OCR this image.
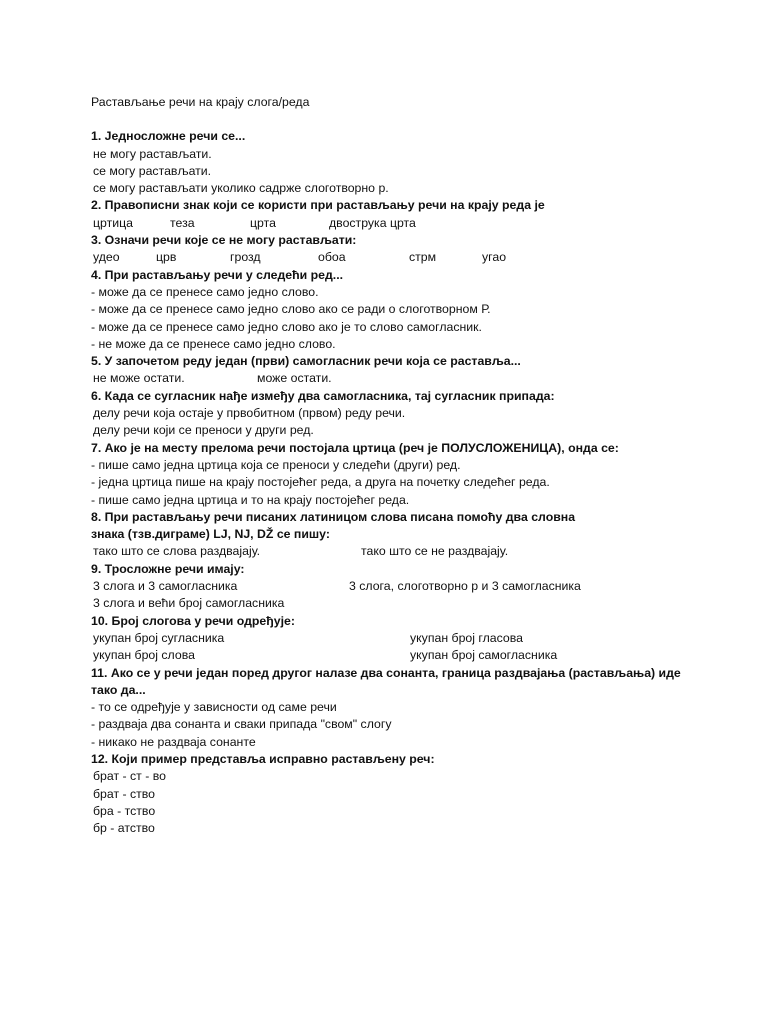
Растављање речи на крају слога/реда
1. Једносложне речи се...
не могу растављати.
се могу растављати.
се могу растављати уколико садрже слоготворно р.
2. Правописни знак који се користи при растављању речи на крају реда је
цртица	теза	црта	двострука црта
3. Означи речи које се не могу растављати:
удео	црв	грозд	обоа	стрм	угао
4. При растављању речи у следећи ред...
- може да се пренесе само једно слово.
- може да се пренесе само једно слово ако се ради о слоготворном Р.
- може да се пренесе само једно слово ако је то слово самогласник.
- не може да се пренесе само једно слово.
5. У започетом реду један (први) самогласник речи која се раставља...
не може остати.	може остати.
6. Када се сугласник нађе између два самогласника, тај сугласник припада:
делу речи која остаје у првобитном (првом) реду речи.
делу речи који се преноси у други ред.
7. Ако је на месту прелома речи постојала цртица (реч је ПОЛУСЛОЖЕНИЦА), онда се:
- пише само једна цртица која се преноси у следећи (други) ред.
- једна цртица пише на крају постојећег реда, а друга на почетку следећег реда.
- пише само једна цртица и то на крају постојећег реда.
8. При растављању речи писаних латиницом слова писана помоћу два словна знака (тзв.диграме) LJ, NJ, DŽ се пишу:
тако што се слова раздвајају.	тако што се не раздвајају.
9. Тросложне речи имају:
3 слога и 3 самогласника	3 слога, слоготворно р и 3 самогласника
3 слога и већи број самогласника
10. Број слогова у речи одређује:
укупан број сугласника	укупан број гласова
укупан број слова	укупан број самогласника
11. Ако се у речи један поред другог налазе два сонанта, граница раздвајања (растављања) иде тако да...
- то се одређује у зависности од саме речи
- раздваја два сонанта и сваки припада "свом" слогу
- никако не раздваја сонанте
12. Који пример представља исправно растављену реч:
брат - ст - во
брат - ство
бра - тство
бр - атство
